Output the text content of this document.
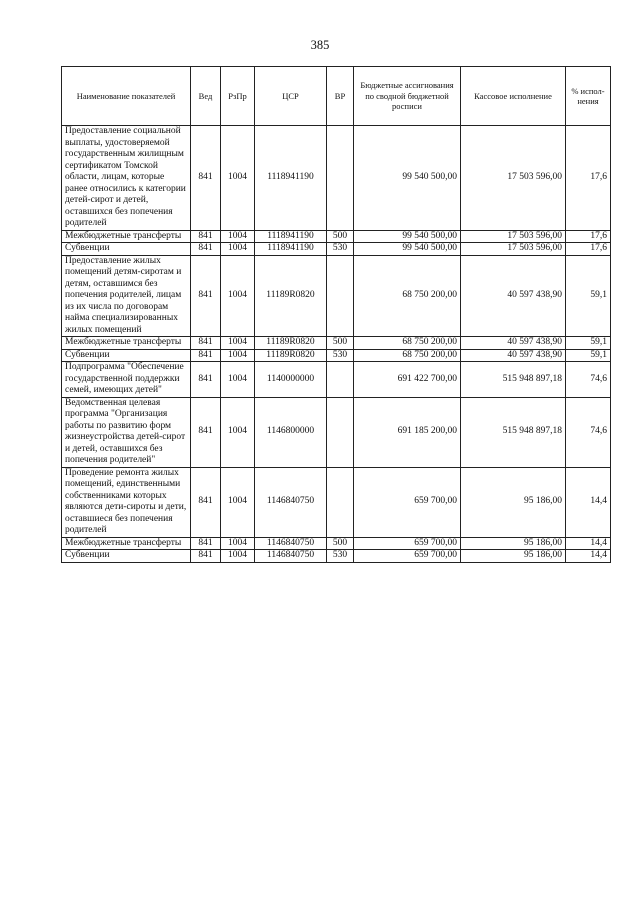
385
Наименование показателей	Вед	РзПр	ЦСР	ВР	Бюджетные ассигнования по сводной бюджетной росписи	Кассовое исполнение	% испол-нения
Предоставление социальной выплаты, удостоверяемой государственным жилищным сертификатом Томской области, лицам, которые ранее относились к категории детей-сирот и детей, оставшихся без попечения родителей	841	1004	1118941190		99 540 500,00	17 503 596,00	17,6
Межбюджетные трансферты	841	1004	1118941190	500	99 540 500,00	17 503 596,00	17,6
Субвенции	841	1004	1118941190	530	99 540 500,00	17 503 596,00	17,6
Предоставление жилых помещений детям-сиротам и детям, оставшимся без попечения родителей, лицам из их числа по договорам найма специализированных жилых помещений	841	1004	11189R0820		68 750 200,00	40 597 438,90	59,1
Межбюджетные трансферты	841	1004	11189R0820	500	68 750 200,00	40 597 438,90	59,1
Субвенции	841	1004	11189R0820	530	68 750 200,00	40 597 438,90	59,1
Подпрограмма "Обеспечение государственной поддержки семей, имеющих детей"	841	1004	1140000000		691 422 700,00	515 948 897,18	74,6
Ведомственная целевая программа "Организация работы по развитию форм жизнеустройства детей-сирот и детей, оставшихся без попечения родителей"	841	1004	1146800000		691 185 200,00	515 948 897,18	74,6
Проведение ремонта жилых помещений, единственными собственниками которых являются дети-сироты и дети, оставшиеся без попечения родителей	841	1004	1146840750		659 700,00	95 186,00	14,4
Межбюджетные трансферты	841	1004	1146840750	500	659 700,00	95 186,00	14,4
Субвенции	841	1004	1146840750	530	659 700,00	95 186,00	14,4
